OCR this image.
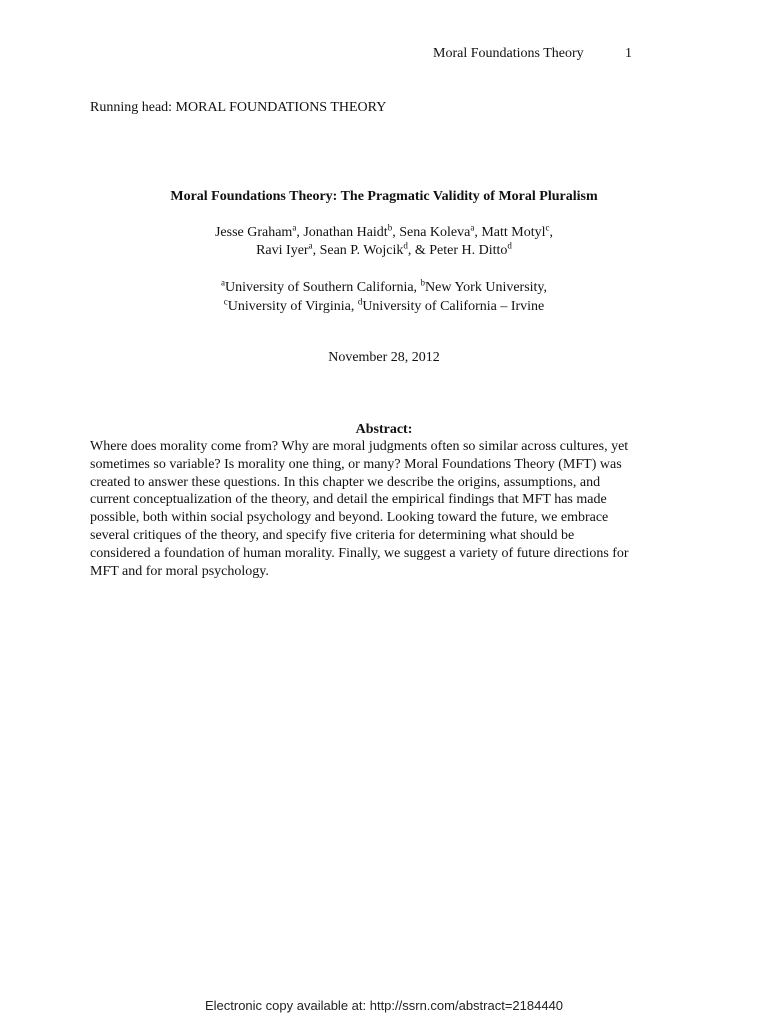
Moral Foundations Theory	1
Running head: MORAL FOUNDATIONS THEORY
Moral Foundations Theory: The Pragmatic Validity of Moral Pluralism
Jesse Graham$^a$, Jonathan Haidt$^b$, Sena Koleva$^a$, Matt Motyl$^c$,
Ravi Iyer$^a$, Sean P. Wojcik$^d$, & Peter H. Ditto$^d$
$^a$University of Southern California, $^b$New York University,
$^c$University of Virginia, $^d$University of California – Irvine
November 28, 2012
Abstract:
Where does morality come from? Why are moral judgments often so similar across cultures, yet
sometimes so variable? Is morality one thing, or many? Moral Foundations Theory (MFT) was
created to answer these questions. In this chapter we describe the origins, assumptions, and
current conceptualization of the theory, and detail the empirical findings that MFT has made
possible, both within social psychology and beyond. Looking toward the future, we embrace
several critiques of the theory, and specify five criteria for determining what should be
considered a foundation of human morality. Finally, we suggest a variety of future directions for
MFT and for moral psychology.
Electronic copy available at: http://ssrn.com/abstract=2184440
